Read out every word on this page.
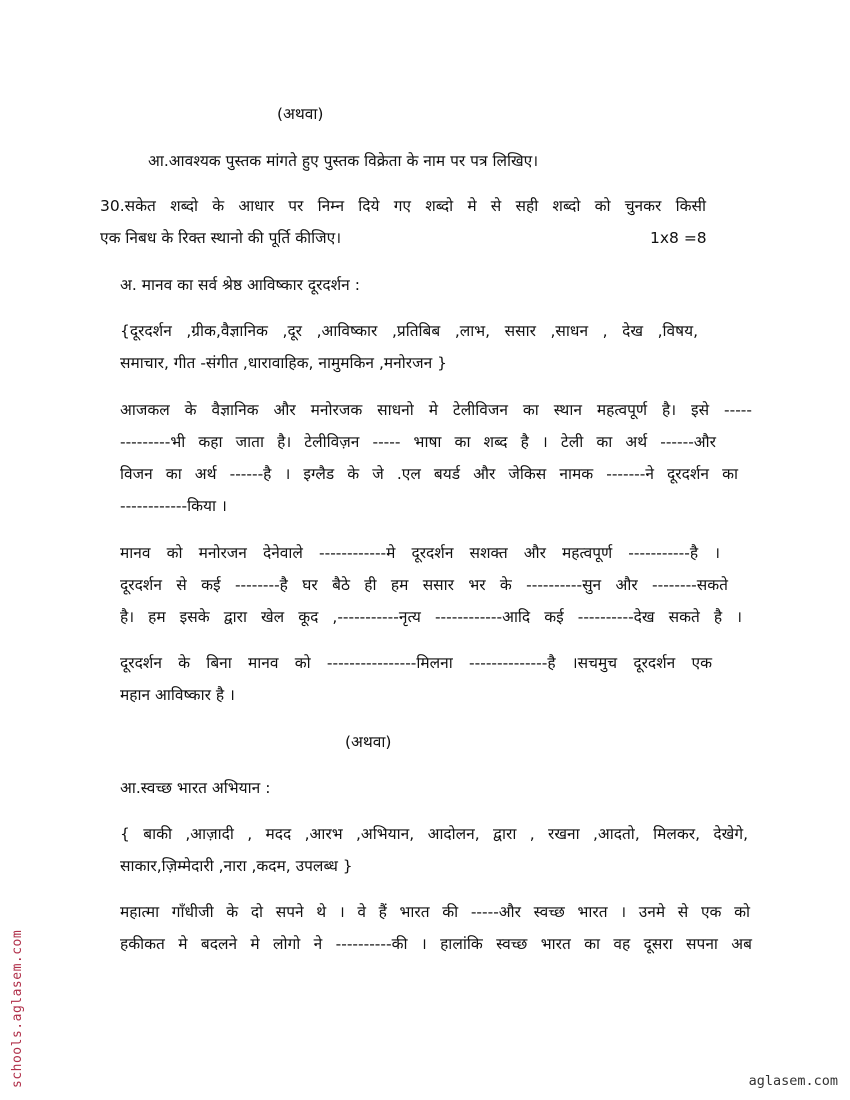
(अथवा)
आ.आवश्यक पुस्तक मांगते हुए पुस्तक विक्रेता के नाम पर पत्र लिखिए।
30.सकेत शब्दो के आधार पर निम्न दिये गए शब्दो मे से सही शब्दो को चुनकर किसी
एक निबध के रिक्त स्थानो की पूर्ति कीजिए।	1x8 =8
अ. मानव का सर्व श्रेष्ठ आविष्कार दूरदर्शन :
{दूरदर्शन ,ग्रीक,वैज्ञानिक ,दूर ,आविष्कार ,प्रतिबिब ,लाभ, ससार ,साधन , देख ,विषय,
समाचार, गीत -संगीत ,धारावाहिक, नामुमकिन ,मनोरजन }
आजकल के वैज्ञानिक और मनोरजक साधनो मे टेलीविजन का स्थान महत्वपूर्ण है। इसे -----
---------भी कहा जाता है। टेलीविज़न ----- भाषा का शब्द है । टेली का अर्थ ------और
विजन का अर्थ ------है । इग्लैड के जे .एल बयर्ड और जेकिस नामक -------ने दूरदर्शन का
------------किया ।
मानव को मनोरजन देनेवाले ------------मे दूरदर्शन सशक्त और महत्वपूर्ण -----------है ।
दूरदर्शन से कई --------है घर बैठे ही हम ससार भर के ----------सुन और --------सकते
है। हम इसके द्वारा खेल कूद ,-----------नृत्य ------------आदि कई ----------देख सकते है ।
दूरदर्शन के बिना मानव को ----------------मिलना --------------है ।सचमुच दूरदर्शन एक
महान आविष्कार है ।
(अथवा)
आ.स्वच्छ भारत अभियान :
{ बाकी ,आज़ादी , मदद ,आरभ ,अभियान, आदोलन, द्वारा , रखना ,आदतो, मिलकर, देखेगे,
साकार,ज़िम्मेदारी ,नारा ,कदम, उपलब्ध }
महात्मा गाँधीजी के दो सपने थे । वे हैं भारत की -----और स्वच्छ भारत । उनमे से एक को
हकीकत मे बदलने मे लोगो ने ----------की । हालांकि स्वच्छ भारत का वह दूसरा सपना अब
schools.aglasem.com	aglasem.com
